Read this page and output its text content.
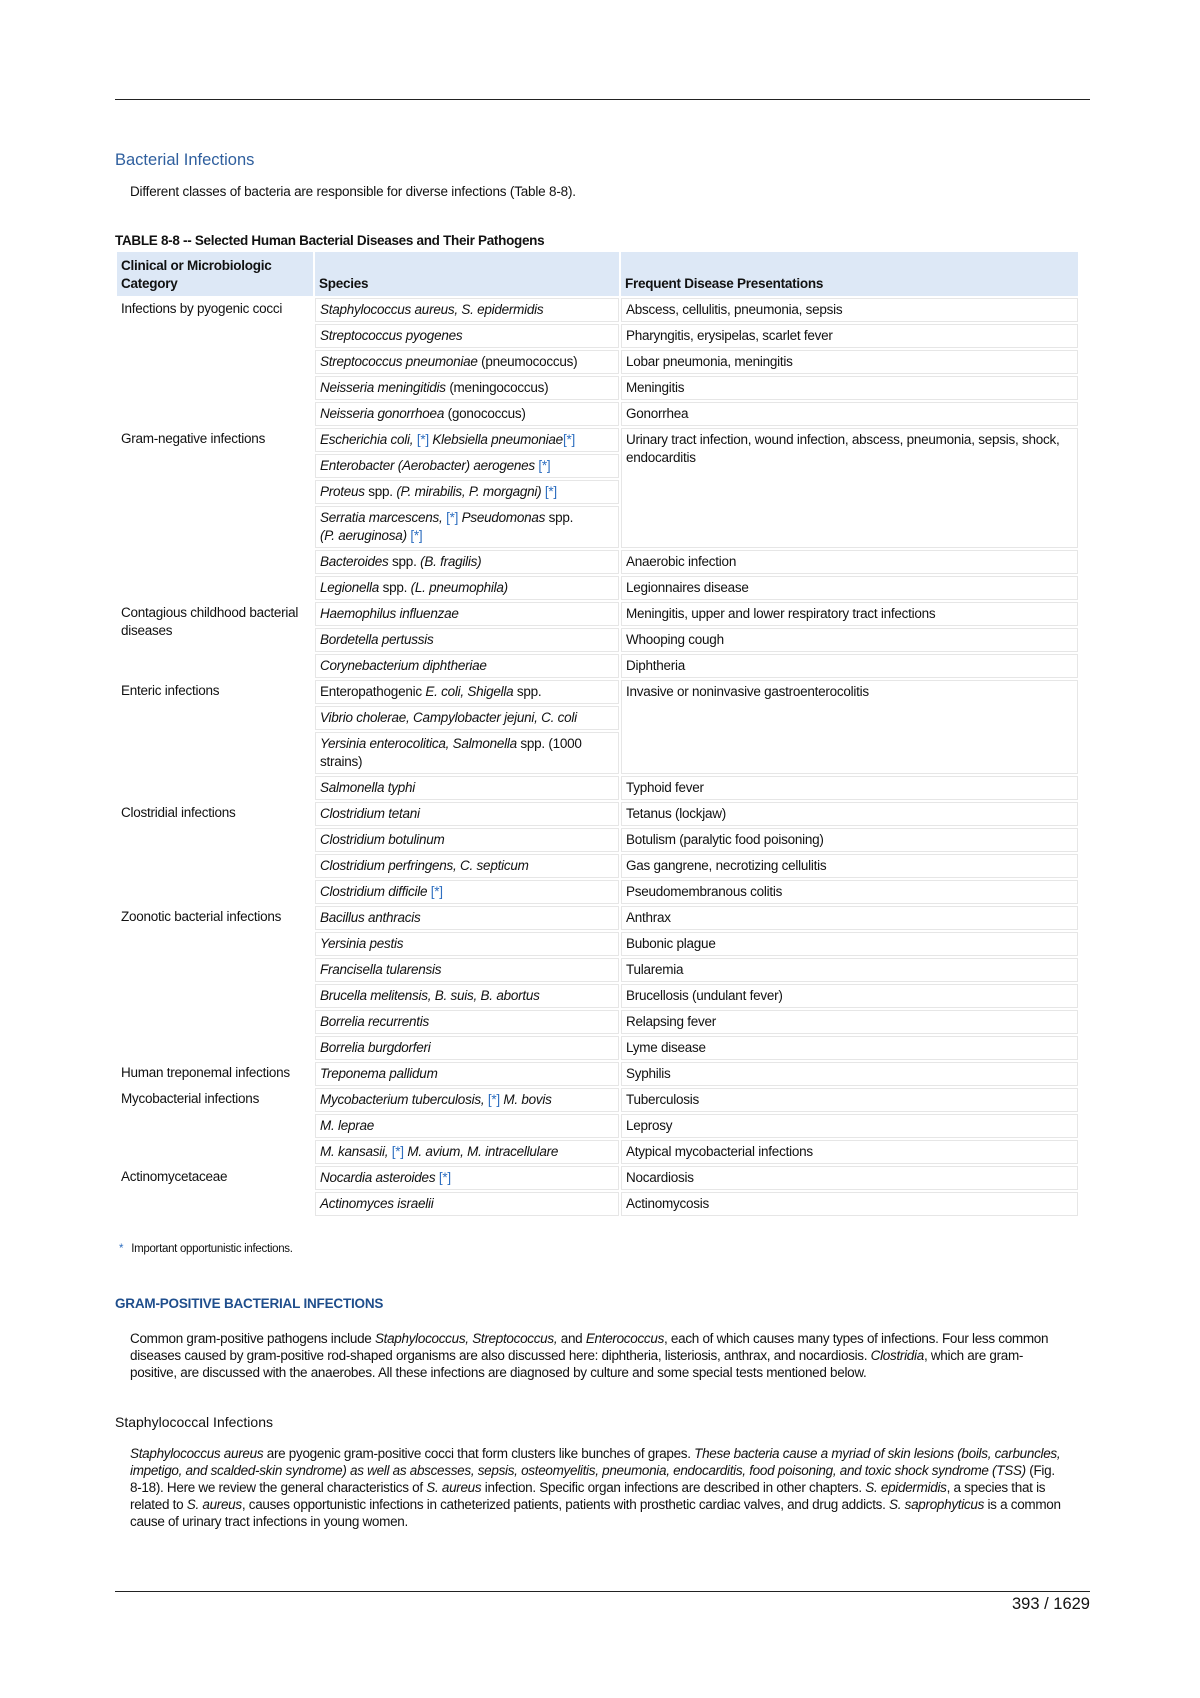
Bacterial Infections
Different classes of bacteria are responsible for diverse infections (Table 8-8).
TABLE 8-8 -- Selected Human Bacterial Diseases and Their Pathogens
Clinical or Microbiologic Category	Species	Frequent Disease Presentations
Infections by pyogenic cocci	Staphylococcus aureus, S. epidermidis	Abscess, cellulitis, pneumonia, sepsis
	Streptococcus pyogenes	Pharyngitis, erysipelas, scarlet fever
	Streptococcus pneumoniae (pneumococcus)	Lobar pneumonia, meningitis
	Neisseria meningitidis (meningococcus)	Meningitis
	Neisseria gonorrhoea (gonococcus)	Gonorrhea
Gram-negative infections	Escherichia coli, [*] Klebsiella pneumoniae[*]	Urinary tract infection, wound infection, abscess, pneumonia, sepsis, shock, endocarditis
	Enterobacter (Aerobacter) aerogenes [*]	
	Proteus spp. (P. mirabilis, P. morgagni) [*]	
	Serratia marcescens, [*] Pseudomonas spp.
(P. aeruginosa) [*]	
	Bacteroides spp. (B. fragilis)	Anaerobic infection
	Legionella spp. (L. pneumophila)	Legionnaires disease
Contagious childhood bacterial diseases	Haemophilus influenzae	Meningitis, upper and lower respiratory tract infections
	Bordetella pertussis	Whooping cough
	Corynebacterium diphtheriae	Diphtheria
Enteric infections	Enteropathogenic E. coli, Shigella spp.	Invasive or noninvasive gastroenterocolitis
	Vibrio cholerae, Campylobacter jejuni, C. coli	
	Yersinia enterocolitica, Salmonella spp. (1000 strains)	
	Salmonella typhi	Typhoid fever
Clostridial infections	Clostridium tetani	Tetanus (lockjaw)
	Clostridium botulinum	Botulism (paralytic food poisoning)
	Clostridium perfringens, C. septicum	Gas gangrene, necrotizing cellulitis
	Clostridium difficile [*]	Pseudomembranous colitis
Zoonotic bacterial infections	Bacillus anthracis	Anthrax
	Yersinia pestis	Bubonic plague
	Francisella tularensis	Tularemia
	Brucella melitensis, B. suis, B. abortus	Brucellosis (undulant fever)
	Borrelia recurrentis	Relapsing fever
	Borrelia burgdorferi	Lyme disease
Human treponemal infections	Treponema pallidum	Syphilis
Mycobacterial infections	Mycobacterium tuberculosis, [*] M. bovis	Tuberculosis
	M. leprae	Leprosy
	M. kansasii, [*] M. avium, M. intracellulare	Atypical mycobacterial infections
Actinomycetaceae	Nocardia asteroides [*]	Nocardiosis
	Actinomyces israelii	Actinomycosis
* Important opportunistic infections.
GRAM-POSITIVE BACTERIAL INFECTIONS
Common gram-positive pathogens include Staphylococcus, Streptococcus, and Enterococcus, each of which causes many types of infections. Four less common diseases caused by gram-positive rod-shaped organisms are also discussed here: diphtheria, listeriosis, anthrax, and nocardiosis. Clostridia, which are gram-positive, are discussed with the anaerobes. All these infections are diagnosed by culture and some special tests mentioned below.
Staphylococcal Infections
Staphylococcus aureus are pyogenic gram-positive cocci that form clusters like bunches of grapes. These bacteria cause a myriad of skin lesions (boils, carbuncles, impetigo, and scalded-skin syndrome) as well as abscesses, sepsis, osteomyelitis, pneumonia, endocarditis, food poisoning, and toxic shock syndrome (TSS) (Fig. 8-18). Here we review the general characteristics of S. aureus infection. Specific organ infections are described in other chapters. S. epidermidis, a species that is related to S. aureus, causes opportunistic infections in catheterized patients, patients with prosthetic cardiac valves, and drug addicts. S. saprophyticus is a common cause of urinary tract infections in young women.
393 / 1629
